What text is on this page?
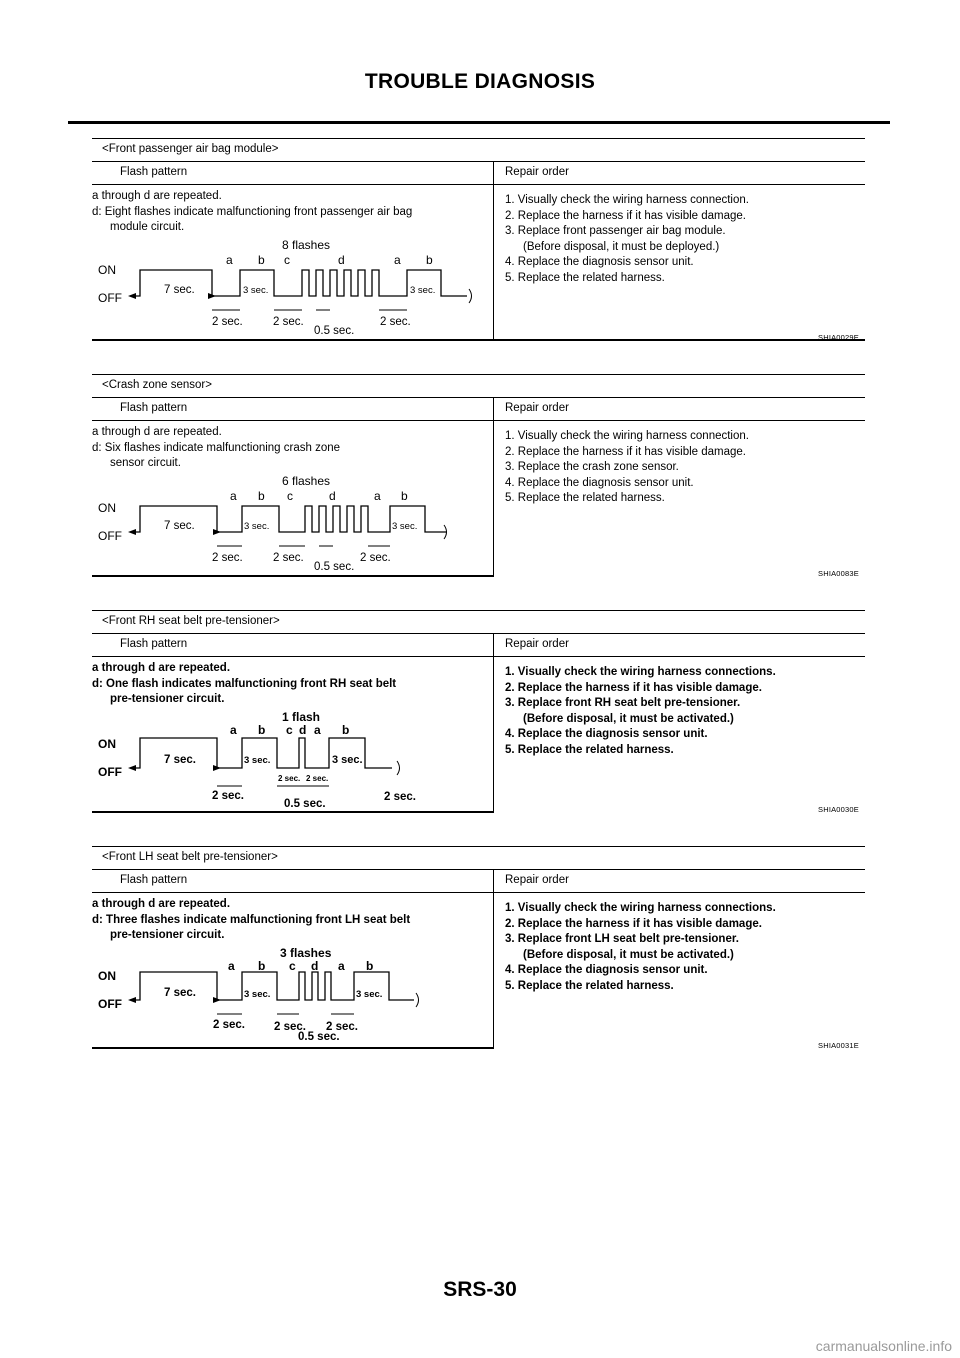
TROUBLE DIAGNOSIS
<Front passenger air bag module>
Flash pattern	Repair order
a through d are repeated.
d: Eight flashes indicate malfunctioning front passenger air bag
module circuit.
1. Visually check the wiring harness connection.
2. Replace the harness if it has visible damage.
3. Replace front passenger air bag module.
(Before disposal, it must be deployed.)
4. Replace the diagnosis sensor unit.
5. Replace the related harness.
SHIA0029E
ON
OFF
8 flashes
a b c	d	a b
7 sec.	3 sec.	3 sec.
2 sec.	2 sec.	2 sec.
0.5 sec.
<Crash zone sensor>
Flash pattern	Repair order
a through d are repeated.
d: Six flashes indicate malfunctioning crash zone
sensor circuit.
1. Visually check the wiring harness connection.
2. Replace the harness if it has visible damage.
3. Replace the crash zone sensor.
4. Replace the diagnosis sensor unit.
5. Replace the related harness.
SHIA0083E
ON
OFF
6 flashes
a b c	d	a b
7 sec.	3 sec.	3 sec.
2 sec.	2 sec.	2 sec.
0.5 sec.
<Front RH seat belt pre-tensioner>
Flash pattern	Repair order
a through d are repeated.
d: One flash indicates malfunctioning front RH seat belt
pre-tensioner circuit.
1. Visually check the wiring harness connections.
2. Replace the harness if it has visible damage.
3. Replace front RH seat belt pre-tensioner.
(Before disposal, it must be activated.)
4. Replace the diagnosis sensor unit.
5. Replace the related harness.
SHIA0030E
ON
OFF
1 flash
a b c d a b
7 sec.	3 sec.	3 sec.
2 sec. 2 sec.
2 sec.	2 sec.
0.5 sec.
<Front LH seat belt pre-tensioner>
Flash pattern	Repair order
a through d are repeated.
d: Three flashes indicate malfunctioning front LH seat belt
pre-tensioner circuit.
1. Visually check the wiring harness connections.
2. Replace the harness if it has visible damage.
3. Replace front LH seat belt pre-tensioner.
(Before disposal, it must be activated.)
4. Replace the diagnosis sensor unit.
5. Replace the related harness.
SHIA0031E
ON
OFF
3 flashes
a b c d a b
7 sec.	3 sec.	3 sec.
2 sec.	2 sec. 2 sec.
0.5 sec.
SRS-30
carmanualsonline.info
